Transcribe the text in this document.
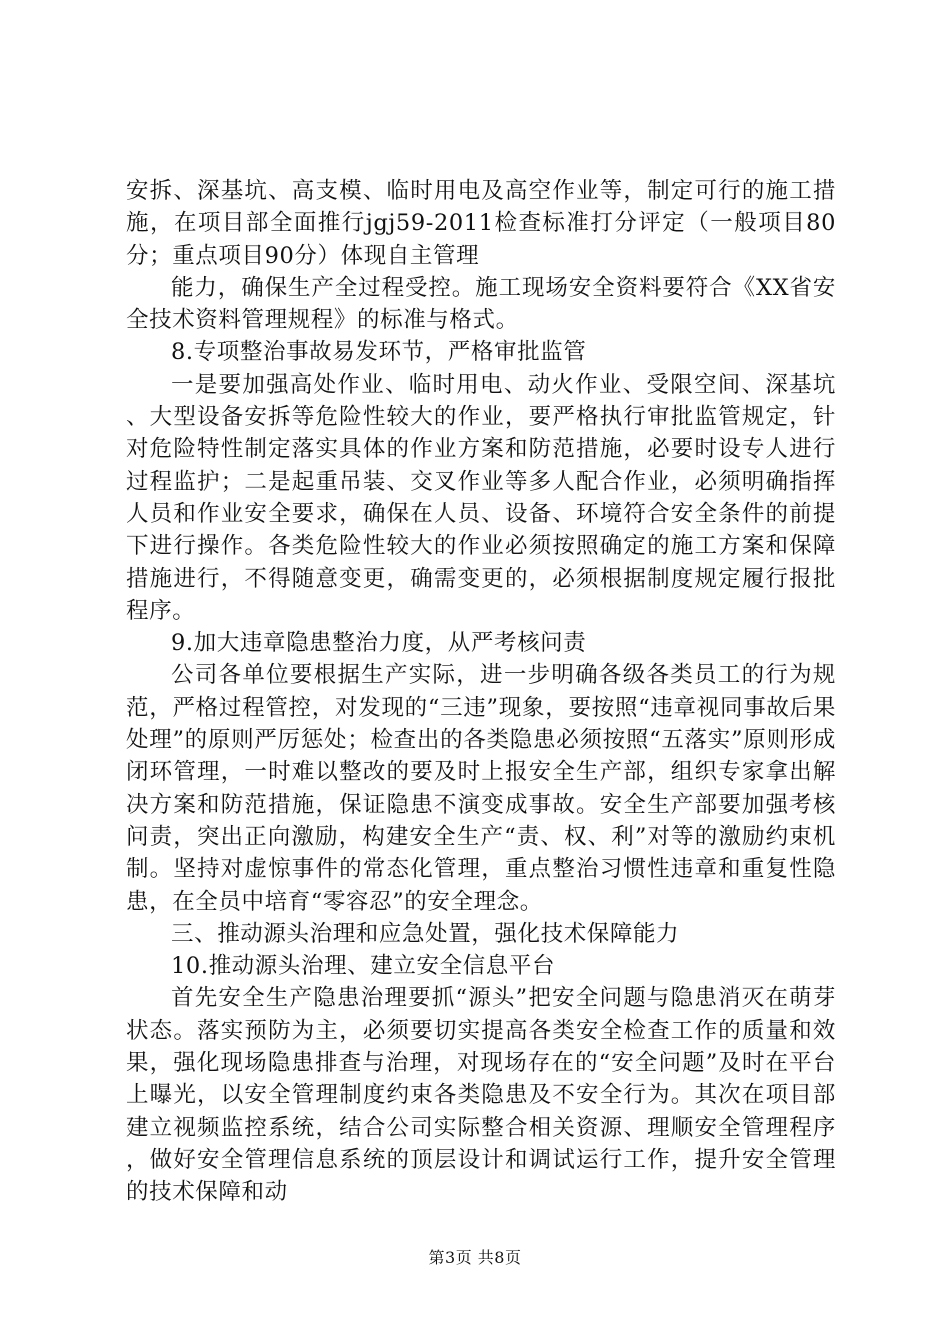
安拆、深基坑、高支模、临时用电及高空作业等，制定可行的施工措施，在项目部全面推行jgj59-2011检查标准打分评定（一般项目80分；重点项目90分）体现自主管理

能力，确保生产全过程受控。施工现场安全资料要符合《XX省安全技术资料管理规程》的标准与格式。

8.专项整治事故易发环节，严格审批监管

一是要加强高处作业、临时用电、动火作业、受限空间、深基坑、大型设备安拆等危险性较大的作业，要严格执行审批监管规定，针对危险特性制定落实具体的作业方案和防范措施，必要时设专人进行过程监护；二是起重吊装、交叉作业等多人配合作业，必须明确指挥人员和作业安全要求，确保在人员、设备、环境符合安全条件的前提下进行操作。各类危险性较大的作业必须按照确定的施工方案和保障措施进行，不得随意变更，确需变更的，必须根据制度规定履行报批程序。

9.加大违章隐患整治力度，从严考核问责

公司各单位要根据生产实际，进一步明确各级各类员工的行为规范，严格过程管控，对发现的“三违”现象，要按照“违章视同事故后果处理”的原则严厉惩处；检查出的各类隐患必须按照“五落实”原则形成闭环管理，一时难以整改的要及时上报安全生产部，组织专家拿出解决方案和防范措施，保证隐患不演变成事故。安全生产部要加强考核问责，突出正向激励，构建安全生产“责、权、利”对等的激励约束机制。坚持对虚惊事件的常态化管理，重点整治习惯性违章和重复性隐患，在全员中培育“零容忍”的安全理念。

三、推动源头治理和应急处置，强化技术保障能力

10.推动源头治理、建立安全信息平台

首先安全生产隐患治理要抓“源头”把安全问题与隐患消灭在萌芽状态。落实预防为主，必须要切实提高各类安全检查工作的质量和效果，强化现场隐患排查与治理，对现场存在的“安全问题”及时在平台上曝光，以安全管理制度约束各类隐患及不安全行为。其次在项目部建立视频监控系统，结合公司实际整合相关资源、理顺安全管理程序，做好安全管理信息系统的顶层设计和调试运行工作，提升安全管理的技术保障和动

第3页 共8页
